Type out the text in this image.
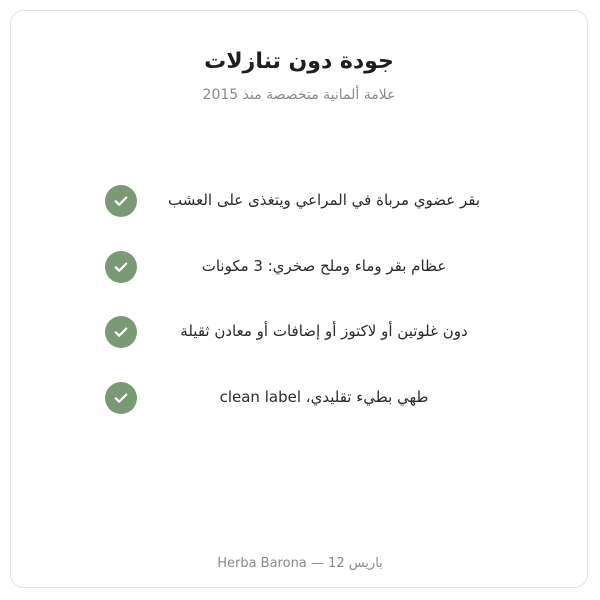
جودة دون تنازلات
علامة ألمانية متخصصة منذ 2015
بقر عضوي مرباة في المراعي ويتغذى على العشب
عظام بقر وماء وملح صخري: 3 مكونات
دون غلوتين أو لاكتوز أو إضافات أو معادن ثقيلة
طهي بطيء تقليدي، clean label
باريس 12 — Herba Barona
